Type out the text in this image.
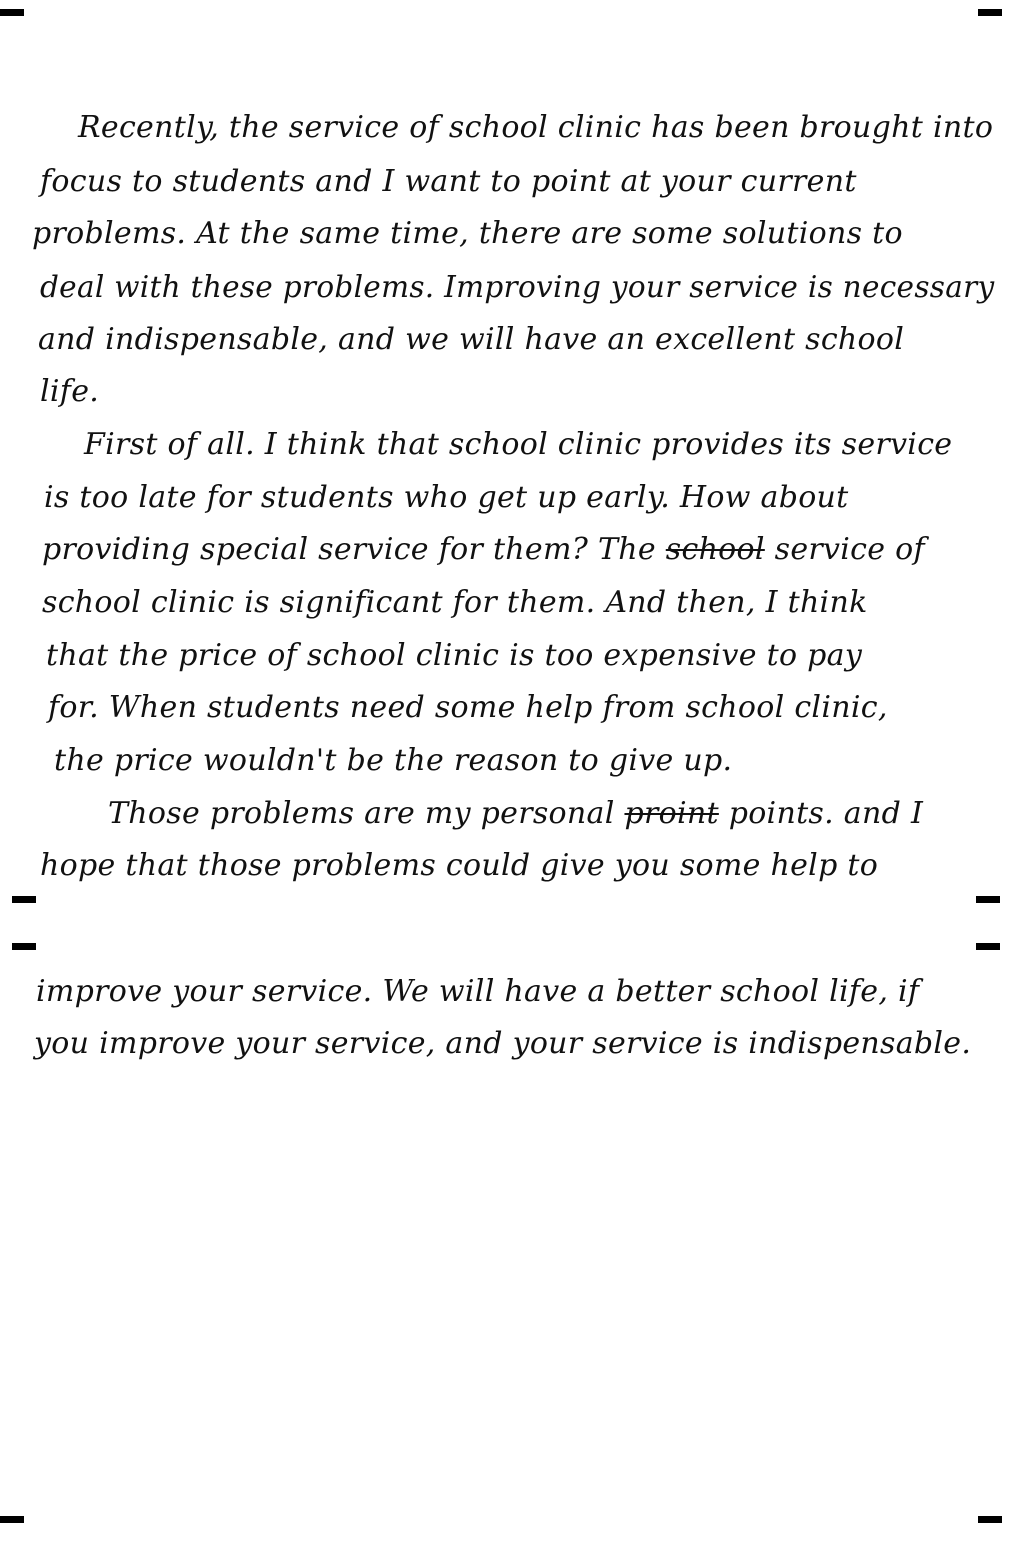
Recently, the service of school clinic has been brought into
focus to students and I want to point at your current
problems. At the same time, there are some solutions to
deal with these problems. Improving your service is necessary
and indispensable, and we will have an excellent school
life.
First of all. I think that school clinic provides its service
is too late for students who get up early. How about
providing special service for them? The school service of
school clinic is significant for them. And then, I think
that the price of school clinic is too expensive to pay
for. When students need some help from school clinic,
the price wouldn't be the reason to give up.
Those problems are my personal proint points. and I
hope that those problems could give you some help to
improve your service. We will have a better school life, if
you improve your service, and your service is indispensable.
